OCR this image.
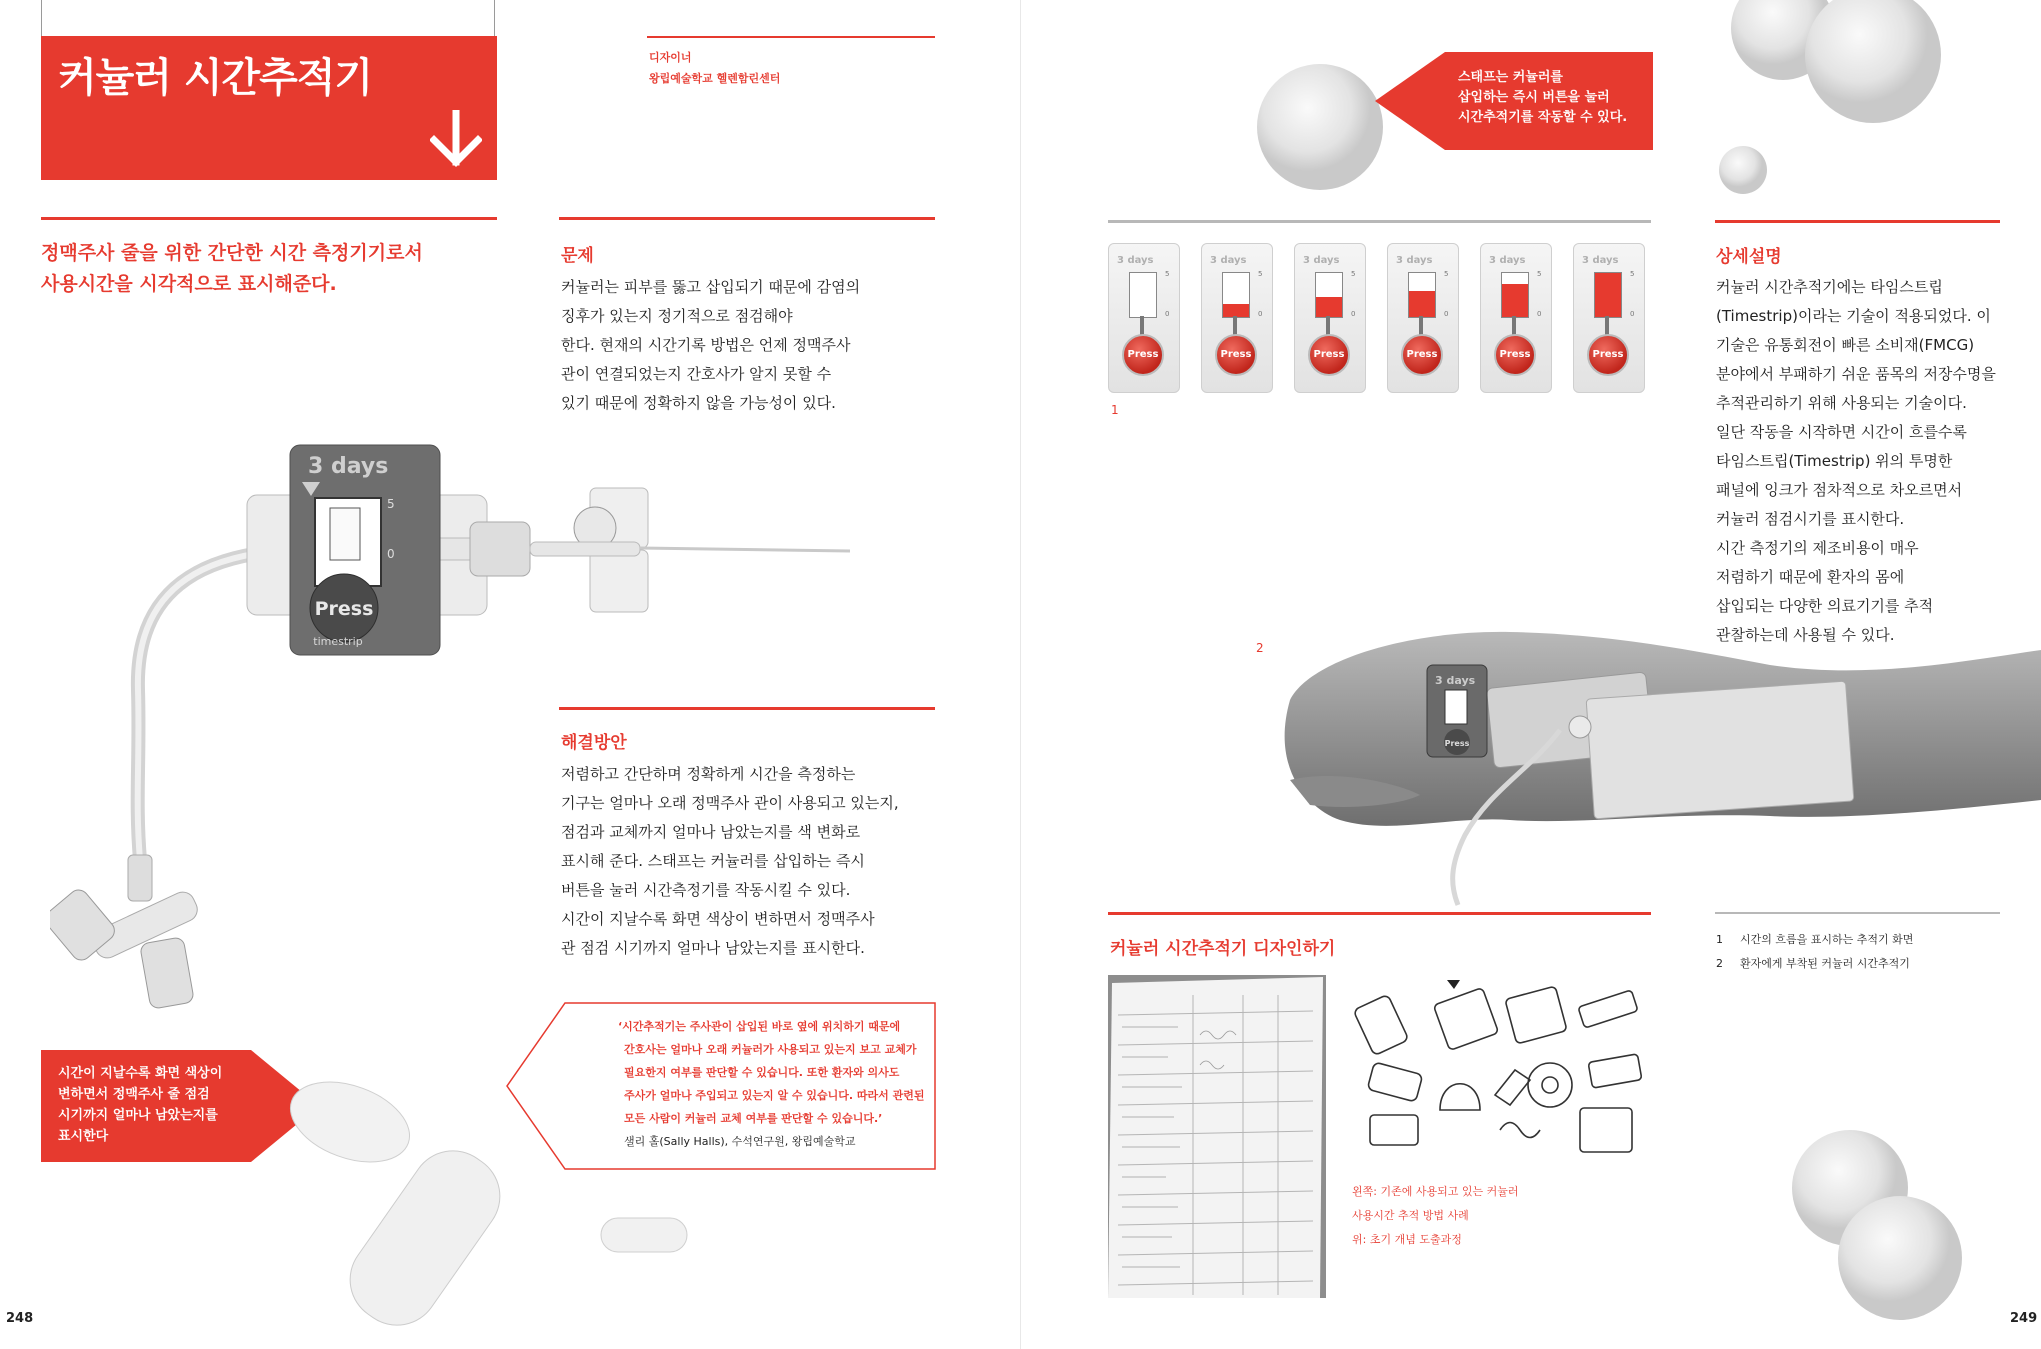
커뉼러 시간추적기	디자이너
왕립예술학교 헬렌함린센터
정맥주사 줄을 위한 간단한 시간 측정기기로서
사용시간을 시각적으로 표시해준다.
문제
커뉼러는 피부를 뚫고 삽입되기 때문에 감염의
징후가 있는지 정기적으로 점검해야
한다. 현재의 시간기록 방법은 언제 정맥주사
관이 연결되었는지 간호사가 알지 못할 수
있기 때문에 정확하지 않을 가능성이 있다.
3 days
5
0
Press
timestrip
해결방안
저렴하고 간단하며 정확하게 시간을 측정하는
기구는 얼마나 오래 정맥주사 관이 사용되고 있는지,
점검과 교체까지 얼마나 남았는지를 색 변화로
표시해 준다. 스태프는 커뉼러를 삽입하는 즉시
버튼을 눌러 시간측정기를 작동시킬 수 있다.
시간이 지날수록 화면 색상이 변하면서 정맥주사
관 점검 시기까지 얼마나 남았는지를 표시한다.
시간이 지날수록 화면 색상이
변하면서 정맥주사 줄 점검
시기까지 얼마나 남았는지를
표시한다
‘시간추적기는 주사관이 삽입된 바로 옆에 위치하기 때문에
간호사는 얼마나 오래 커뉼러가 사용되고 있는지 보고 교체가
필요한지 여부를 판단할 수 있습니다. 또한 환자와 의사도
주사가 얼마나 주입되고 있는지 알 수 있습니다. 따라서 관련된
모든 사람이 커뉼러 교체 여부를 판단할 수 있습니다.’
샐리 홀(Sally Halls), 수석연구원, 왕립예술학교
248
스태프는 커뉼러를
삽입하는 즉시 버튼을 눌러
시간추적기를 작동할 수 있다.
3 days
5
0
Press
3 days
5
0
Press
3 days
5
0
Press
3 days
5
0
Press
3 days
5
0
Press
3 days
5
0
Press
1
상세설명
커뉼러 시간추적기에는 타임스트립
(Timestrip)이라는 기술이 적용되었다. 이
기술은 유통회전이 빠른 소비재(FMCG)
분야에서 부패하기 쉬운 품목의 저장수명을
추적관리하기 위해 사용되는 기술이다.
일단 작동을 시작하면 시간이 흐를수록
타임스트립(Timestrip) 위의 투명한
패널에 잉크가 점차적으로 차오르면서
커뉼러 점검시기를 표시한다.
시간 측정기의 제조비용이 매우
저렴하기 때문에 환자의 몸에
삽입되는 다양한 의료기기를 추적
관찰하는데 사용될 수 있다.
2
3 days
Press
커뉼러 시간추적기 디자인하기	1 시간의 흐름을 표시하는 추적기 화면
2 환자에게 부착된 커뉼러 시간추적기
왼쪽: 기존에 사용되고 있는 커뉼러
사용시간 추적 방법 사례
위: 초기 개념 도출과정
249
